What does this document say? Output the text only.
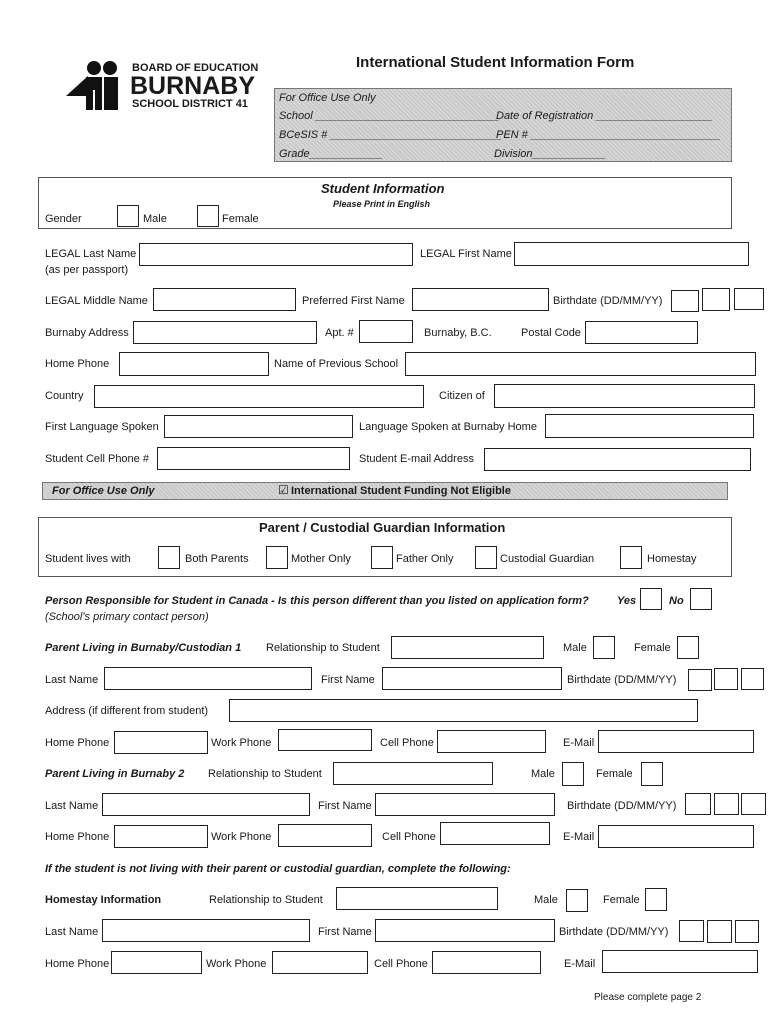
BOARD OF EDUCATION
BURNABY
SCHOOL DISTRICT 41
International Student Information Form
For Office Use Only
School ______________________________
Date of Registration ___________________
BCeSIS # ____________________________
PEN # _______________________________
Grade____________	Division____________
Student Information
Please Print in English
Gender	Male	Female
LEGAL Last Name
(as per passport)
LEGAL First Name
LEGAL Middle Name	Preferred First Name	Birthdate (DD/MM/YY)
Burnaby Address	Apt. #	Burnaby, B.C.	Postal Code
Home Phone	Name of Previous School
Country	Citizen of
First Language Spoken	Language Spoken at Burnaby Home
Student Cell Phone #	Student E-mail Address
For Office Use Only	☑ International Student Funding Not Eligible
Parent / Custodial Guardian Information
Student lives with	Both Parents	Mother Only	Father Only	Custodial Guardian	Homestay
Person Responsible for Student in Canada - Is this person different than you listed on application form?	Yes	No
(School’s primary contact person)
Parent Living in Burnaby/Custodian 1 Relationship to Student	Male	Female
Last Name	First Name	Birthdate (DD/MM/YY)
Address (if different from student)
Home Phone	Work Phone	Cell Phone	E-Mail
Parent Living in Burnaby 2 Relationship to Student	Male	Female
Last Name	First Name	Birthdate (DD/MM/YY)
Home Phone	Work Phone	Cell Phone	E-Mail
If the student is not living with their parent or custodial guardian, complete the following:
Homestay Information	Relationship to Student	Male	Female
Last Name	First Name	Birthdate (DD/MM/YY)
Home Phone	Work Phone	Cell Phone	E-Mail
Please complete page 2
